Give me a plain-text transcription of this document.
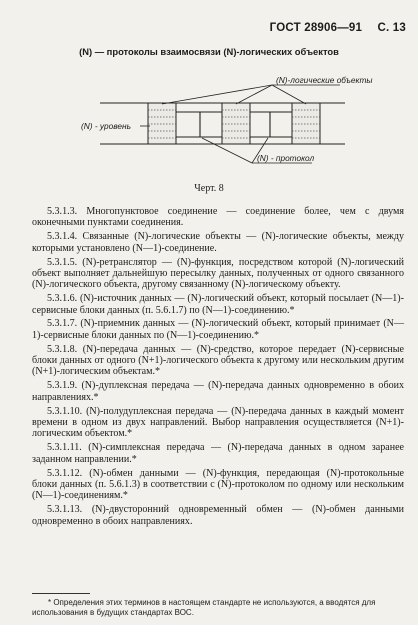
ГОСТ 28906—91 С. 13
(N) — протоколы взаимосвязи (N)-логических объектов
(N)-логические объекты
(N) - уровень
(N) - протокол
Черт. 8

5.3.1.3. Многопунктовое соединение — соединение более, чем с двумя оконечными пунктами соединения.

5.3.1.4. Связанные (N)-логические объекты — (N)-логические объекты, между которыми установлено (N—1)-соединение.

5.3.1.5. (N)-ретранслятор — (N)-функция, посредством которой (N)-логический объект выполняет дальнейшую пересылку данных, полученных от одного связанного (N)-логического объекта, другому связанному (N)-логическому объекту.

5.3.1.6. (N)-источник данных — (N)-логический объект, который посылает (N—1)-сервисные блоки данных (п. 5.6.1.7) по (N—1)-соединению.*

5.3.1.7. (N)-приемник данных — (N)-логический объект, который принимает (N—1)-сервисные блоки данных по (N—1)-соединению.*

5.3.1.8. (N)-передача данных — (N)-средство, которое передает (N)-сервисные блоки данных от одного (N+1)-логического объекта к другому или нескольким другим (N+1)-логическим объектам.*

5.3.1.9. (N)-дуплексная передача — (N)-передача данных одновременно в обоих направлениях.*

5.3.1.10. (N)-полудуплексная передача — (N)-передача данных в каждый момент времени в одном из двух направлений. Выбор направления осуществляется (N+1)-логическим объектом.*

5.3.1.11. (N)-симплексная передача — (N)-передача данных в одном заранее заданном направлении.*

5.3.1.12. (N)-обмен данными — (N)-функция, передающая (N)-протокольные блоки данных (п. 5.6.1.3) в соответствии с (N)-протоколом по одному или нескольким (N—1)-соединениям.*

5.3.1.13. (N)-двусторонний одновременный обмен — (N)-обмен данными одновременно в обоих направлениях.

* Определения этих терминов в настоящем стандарте не используются, а вводятся для использования в будущих стандартах ВОС.
